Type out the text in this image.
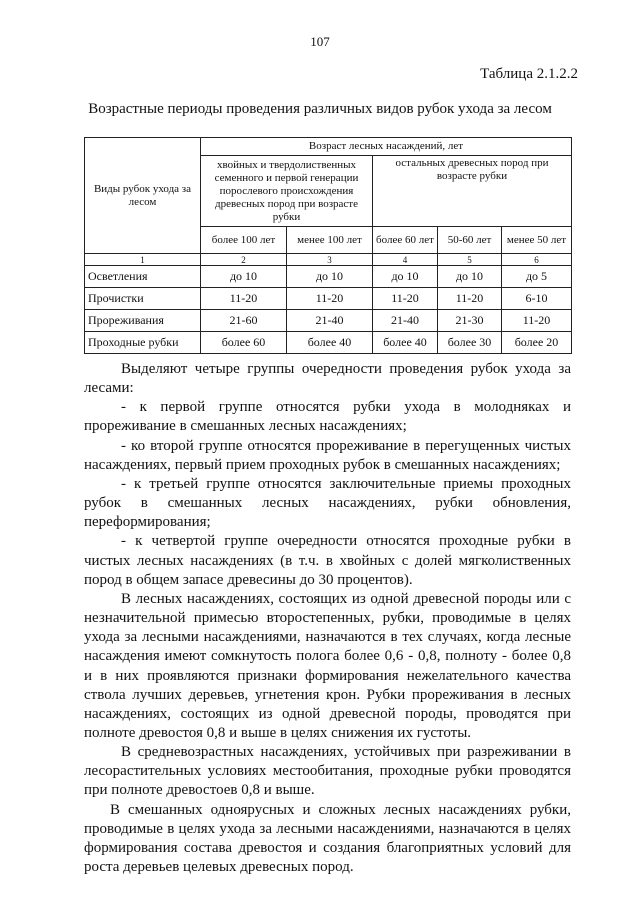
107
Таблица 2.1.2.2
Возрастные периоды проведения различных видов рубок ухода за лесом
Виды рубок ухода за лесом	Возраст лесных насаждений, лет				
	хвойных и твердолиственных семенного и первой генерации порослевого происхождения древесных пород при возрасте рубки		остальных древесных пород при возрасте рубки		
	более 100 лет	менее 100 лет	более 60 лет	50-60 лет	менее 50 лет
1	2	3	4	5	6
Осветления	до 10	до 10	до 10	до 10	до 5
Прочистки	11-20	11-20	11-20	11-20	6-10
Прореживания	21-60	21-40	21-40	21-30	11-20
Проходные рубки	более 60	более 40	более 40	более 30	более 20

Выделяют четыре группы очередности проведения рубок ухода за лесами:

- к первой группе относятся рубки ухода в молодняках и прореживание в смешанных лесных насаждениях;

- ко второй группе относятся прореживание в перегущенных чистых насаждениях, первый прием проходных рубок в смешанных насаждениях;

- к третьей группе относятся заключительные приемы проходных рубок в смешанных лесных насаждениях, рубки обновления, переформирования;

- к четвертой группе очередности относятся проходные рубки в чистых лесных насаждениях (в т.ч. в хвойных с долей мягколиственных пород в общем запасе древесины до 30 процентов).

В лесных насаждениях, состоящих из одной древесной породы или с незначительной примесью второстепенных, рубки, проводимые в целях ухода за лесными насаждениями, назначаются в тех случаях, когда лесные насаждения имеют сомкнутость полога более 0,6 - 0,8, полноту - более 0,8 и в них проявляются признаки формирования нежелательного качества ствола лучших деревьев, угнетения крон. Рубки прореживания в лесных насаждениях, состоящих из одной древесной породы, проводятся при полноте древостоя 0,8 и выше в целях снижения их густоты.

В средневозрастных насаждениях, устойчивых при разреживании в лесорастительных условиях местообитания, проходные рубки проводятся при полноте древостоев 0,8 и выше.

В смешанных одноярусных и сложных лесных насаждениях рубки, проводимые в целях ухода за лесными насаждениями, назначаются в целях формирования состава древостоя и создания благоприятных условий для роста деревьев целевых древесных пород.
